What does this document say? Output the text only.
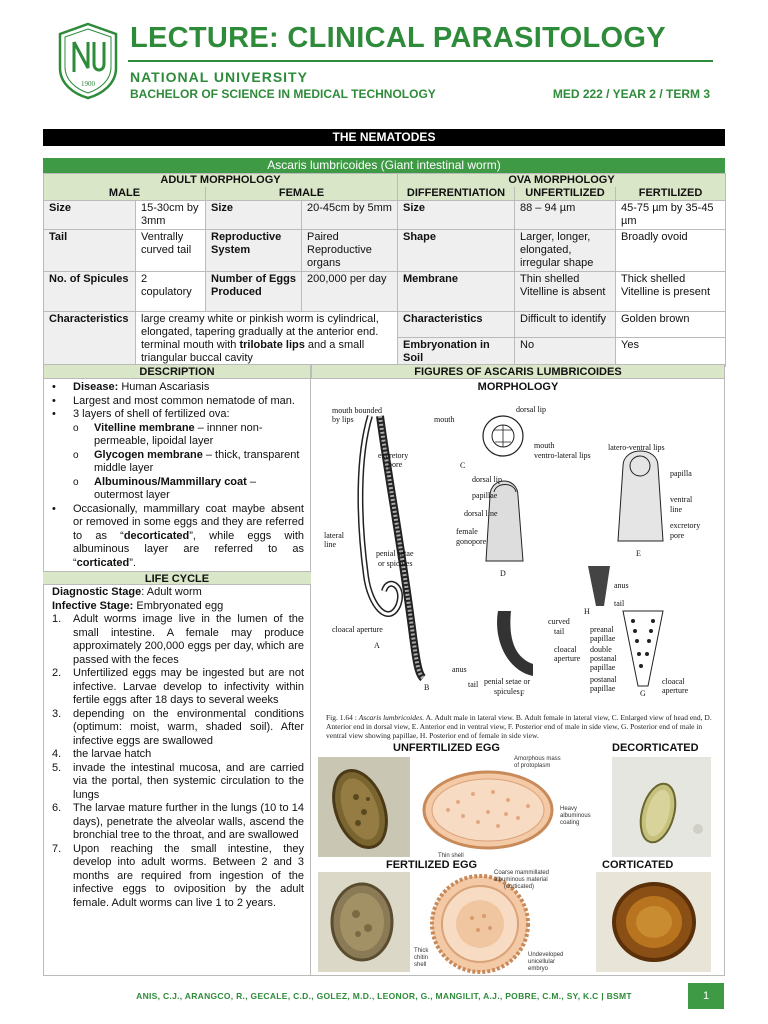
1900
LECTURE: CLINICAL PARASITOLOGY
NATIONAL UNIVERSITY
BACHELOR OF SCIENCE IN MEDICAL TECHNOLOGY	MED 222 / YEAR 2 / TERM 3
THE NEMATODES
Ascaris lumbricoides (Giant intestinal worm)
ADULT MORPHOLOGY				OVA MORPHOLOGY		
MALE		FEMALE		DIFFERENTIATION	UNFERTILIZED	FERTILIZED
Size	15-30cm by 3mm	Size	20-45cm by 5mm	Size	88 – 94 µm	45-75 µm by 35-45 µm
Tail	Ventrally curved tail	Reproductive System	Paired Reproductive organs	Shape	Larger, longer, elongated, irregular shape	Broadly ovoid
No. of Spicules	2 copulatory	Number of Eggs Produced	200,000 per day	Membrane	Thin shelled Vitelline is absent	Thick shelled Vitelline is present
Characteristics	large creamy white or pinkish worm is cylindrical, elongated, tapering gradually at the anterior end. terminal mouth with trilobate lips and a small triangular buccal cavity			Characteristics	Difficult to identify	Golden brown
				Embryonation in Soil	No	Yes
DESCRIPTION	FIGURES OF ASCARIS LUMBRICOIDES
• Disease: Human Ascariasis
• Largest and most common nematode of man.
• 3 layers of shell of fertilized ova:
o Vitelline membrane – innner non-permeable, lipoidal layer
o Glycogen membrane – thick, transparent middle layer
o Albuminous/Mammillary coat – outermost layer
• Occasionally, mammillary coat maybe absent or removed in some eggs and they are referred to as “decorticated”, while eggs with albuminous layer are referred to as “corticated”.
LIFE CYCLE
Diagnostic Stage: Adult worm
Infective Stage: Embryonated egg
1. Adult worms image live in the lumen of the small intestine. A female may produce approximately 200,000 eggs per day, which are passed with the feces
2. Unfertilized eggs may be ingested but are not infective. Larvae develop to infectivity within fertile eggs after 18 days to several weeks
3. depending on the environmental conditions (optimum: moist, warm, shaded soil). After infective eggs are swallowed
4. the larvae hatch
5. invade the intestinal mucosa, and are carried via the portal, then systemic circulation to the lungs
6. The larvae mature further in the lungs (10 to 14 days), penetrate the alveolar walls, ascend the bronchial tree to the throat, and are swallowed
7. Upon reaching the small intestine, they develop into adult worms. Between 2 and 3 months are required from ingestion of the infective eggs to oviposition by the adult female. Adult worms can live 1 to 2 years.
MORPHOLOGY
mouth bounded
by lips	mouth
dorsal lip
excretory
pore
mouth
ventro-lateral lips
latero-ventral lips
C
dorsal lip
papillae
papilla
dorsal line
ventral
line
excretory
pore
lateral
line
female
gonopore
E
penial setae
or spicules
D
anus
tail
H
curved
tail	preanal
papillae
cloacal
aperture
double
postanal
papillae
cloacal aperture
A
anus
tail penial setae or
spicules
postanal
papillae
cloacal
aperture
B
F	G
Fig. 1.64 : Ascaris lumbricoides. A. Adult male in lateral view. B. Adult female in lateral view, C. Enlarged view of head end, D. Anterior end in dorsal view, E. Anterior end in ventral view, F. Posterior end of male in side view, G. Posterior end of male in ventral view showing papillae, H. Posterior end of female in side view.
UNFERTILIZED EGG	DECORTICATED
FERTILIZED EGG	CORTICATED
Amorphous mass
of protoplasm
Heavy
albuminous
coating
Thin shell
Coarse mammillated
albuminous material
(corticated)
Thick
chitin
shell
Undeveloped
unicellular
embryo
ANIS, C.J., ARANGCO, R., GECALE, C.D., GOLEZ, M.D., LEONOR, G., MANGILIT, A.J., POBRE, C.M., SY, K.C | BSMT	1
